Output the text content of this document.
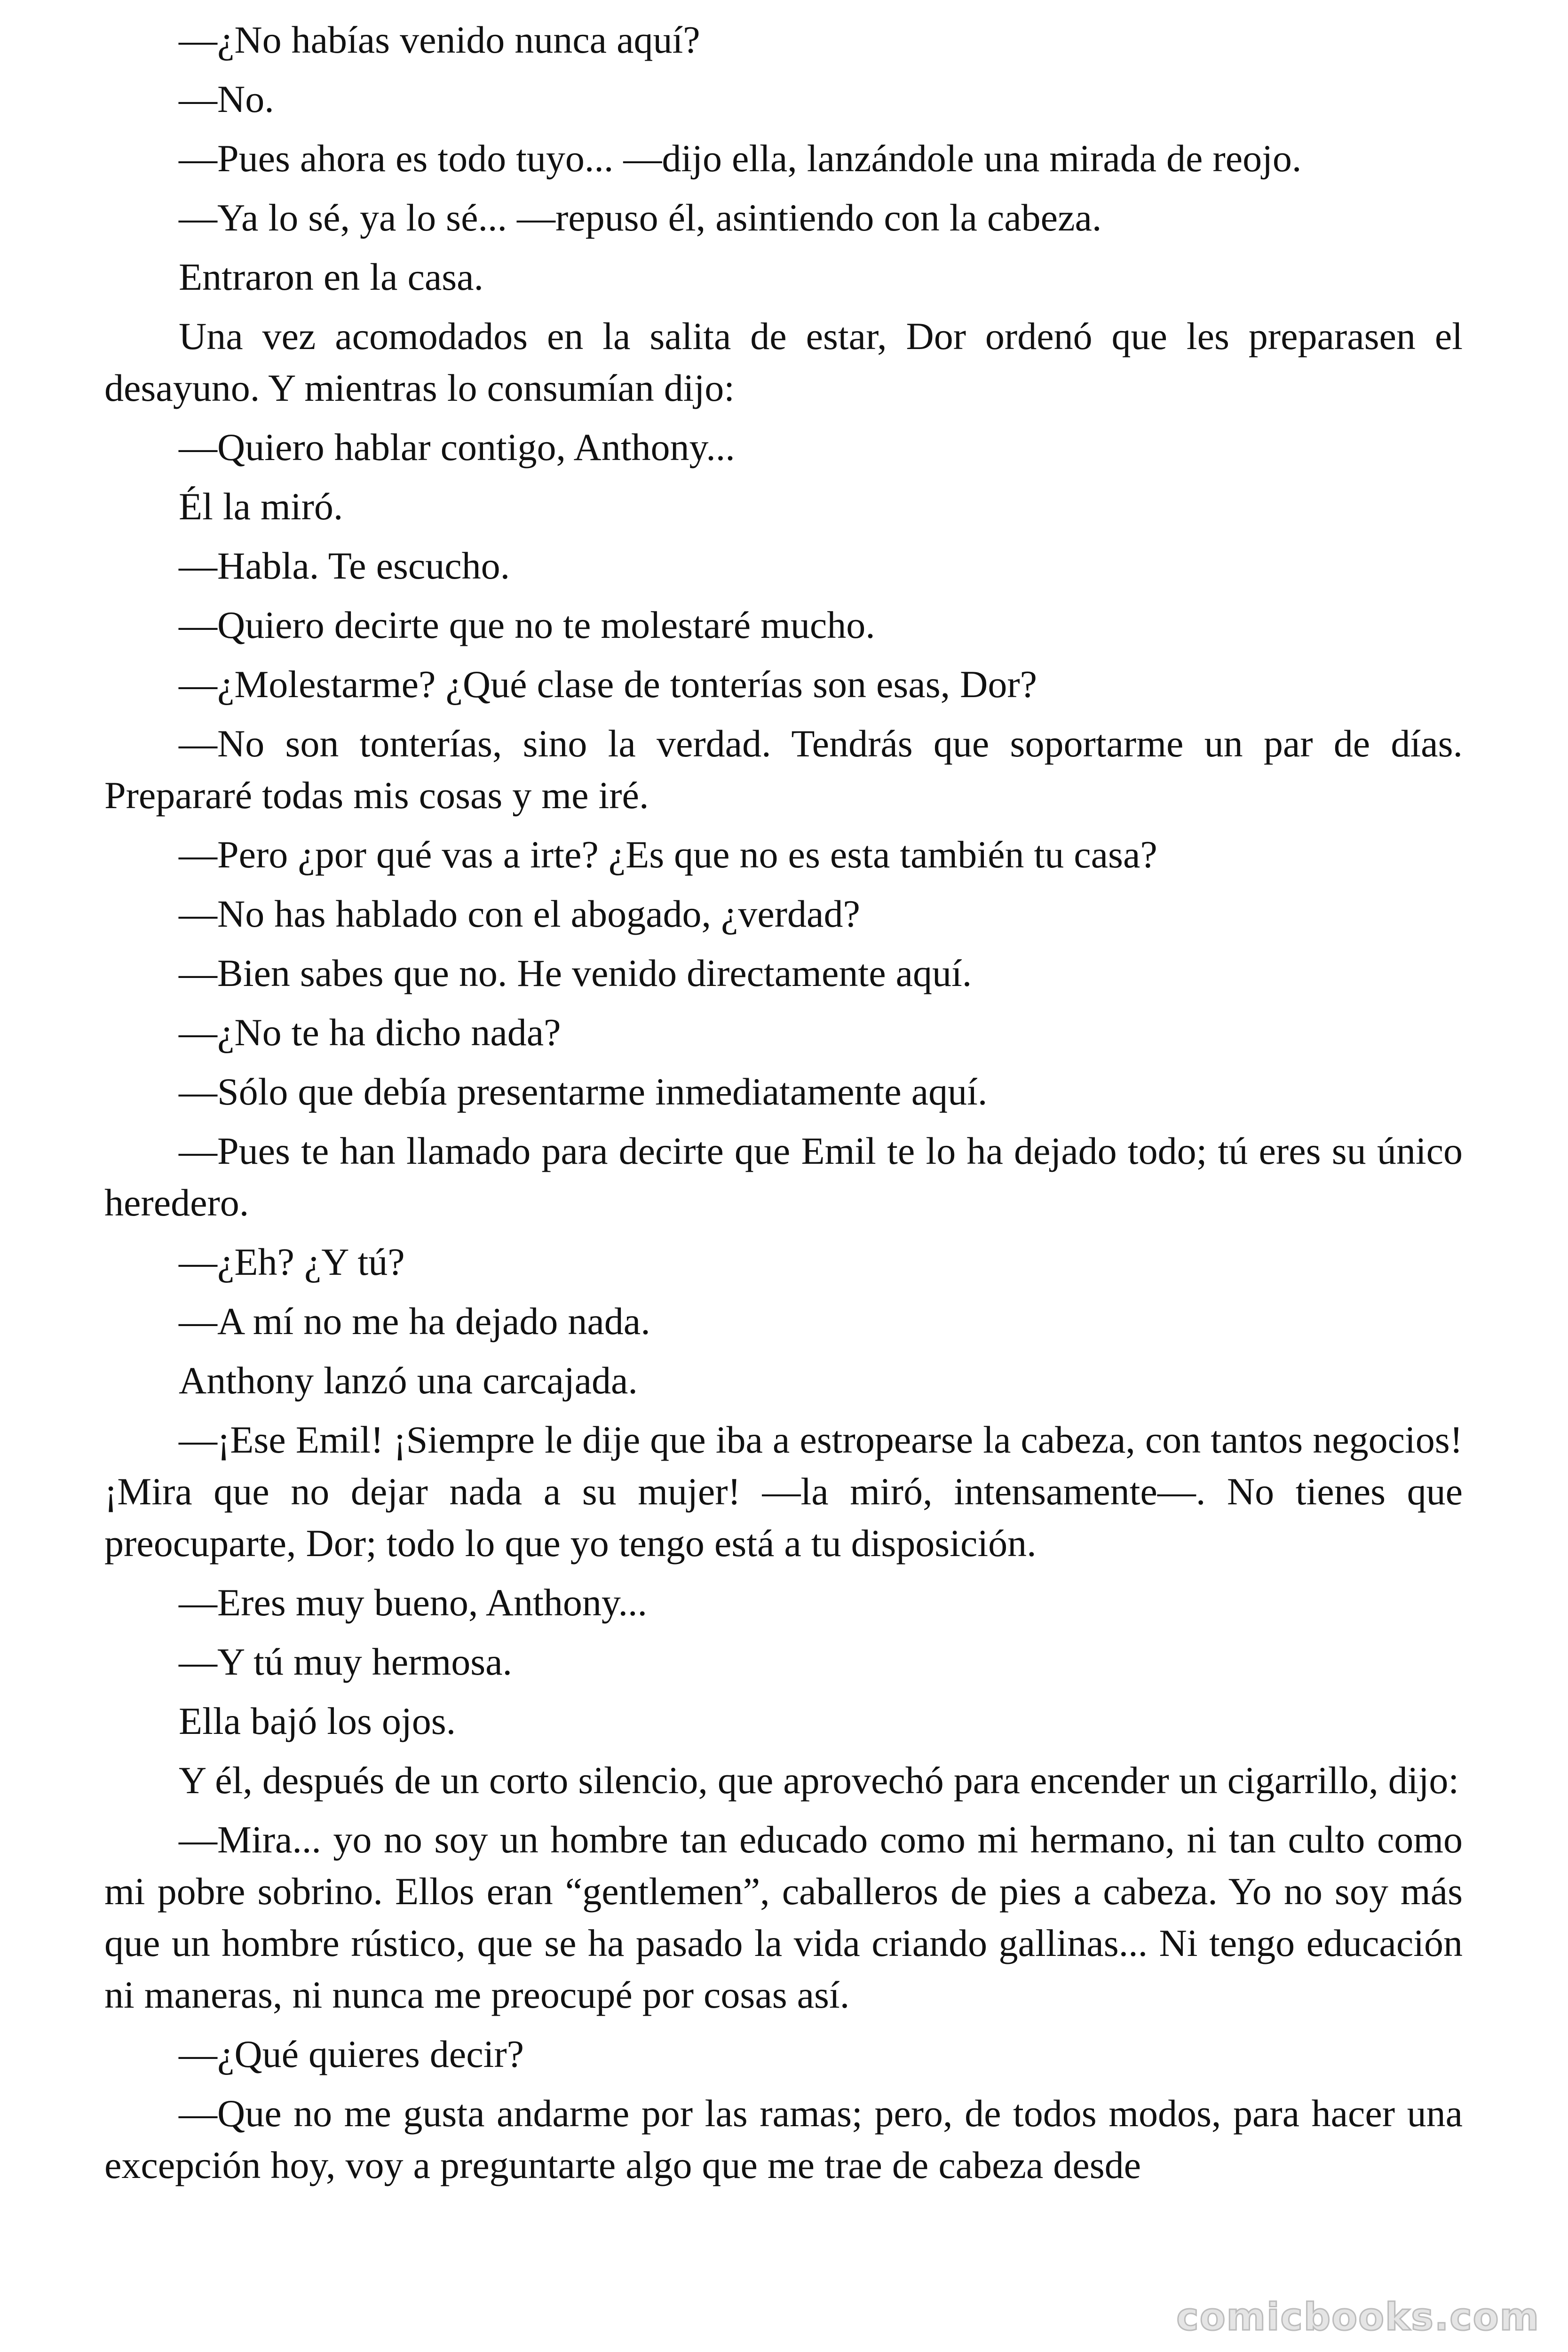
—¿No habías venido nunca aquí?

—No.

—Pues ahora es todo tuyo... —dijo ella, lanzándole una mirada de reojo.

—Ya lo sé, ya lo sé... —repuso él, asintiendo con la cabeza.

Entraron en la casa.

Una vez acomodados en la salita de estar, Dor ordenó que les preparasen el desayuno. Y mientras lo consumían dijo:

—Quiero hablar contigo, Anthony...

Él la miró.

—Habla. Te escucho.

—Quiero decirte que no te molestaré mucho.

—¿Molestarme? ¿Qué clase de tonterías son esas, Dor?

—No son tonterías, sino la verdad. Tendrás que soportarme un par de días. Prepararé todas mis cosas y me iré.

—Pero ¿por qué vas a irte? ¿Es que no es esta también tu casa?

—No has hablado con el abogado, ¿verdad?

—Bien sabes que no. He venido directamente aquí.

—¿No te ha dicho nada?

—Sólo que debía presentarme inmediatamente aquí.

—Pues te han llamado para decirte que Emil te lo ha dejado todo; tú eres su único heredero.

—¿Eh? ¿Y tú?

—A mí no me ha dejado nada.

Anthony lanzó una carcajada.

—¡Ese Emil! ¡Siempre le dije que iba a estropearse la cabeza, con tantos negocios! ¡Mira que no dejar nada a su mujer! —la miró, intensamente—. No tienes que preocuparte, Dor; todo lo que yo tengo está a tu disposición.

—Eres muy bueno, Anthony...

—Y tú muy hermosa.

Ella bajó los ojos.

Y él, después de un corto silencio, que aprovechó para encender un cigarrillo, dijo:

—Mira... yo no soy un hombre tan educado como mi hermano, ni tan culto como mi pobre sobrino. Ellos eran “gentlemen”, caballeros de pies a cabeza. Yo no soy más que un hombre rústico, que se ha pasado la vida criando gallinas... Ni tengo educación ni maneras, ni nunca me preocupé por cosas así.

—¿Qué quieres decir?

—Que no me gusta andarme por las ramas; pero, de todos modos, para hacer una excepción hoy, voy a preguntarte algo que me trae de cabeza desde

comicbooks.com
